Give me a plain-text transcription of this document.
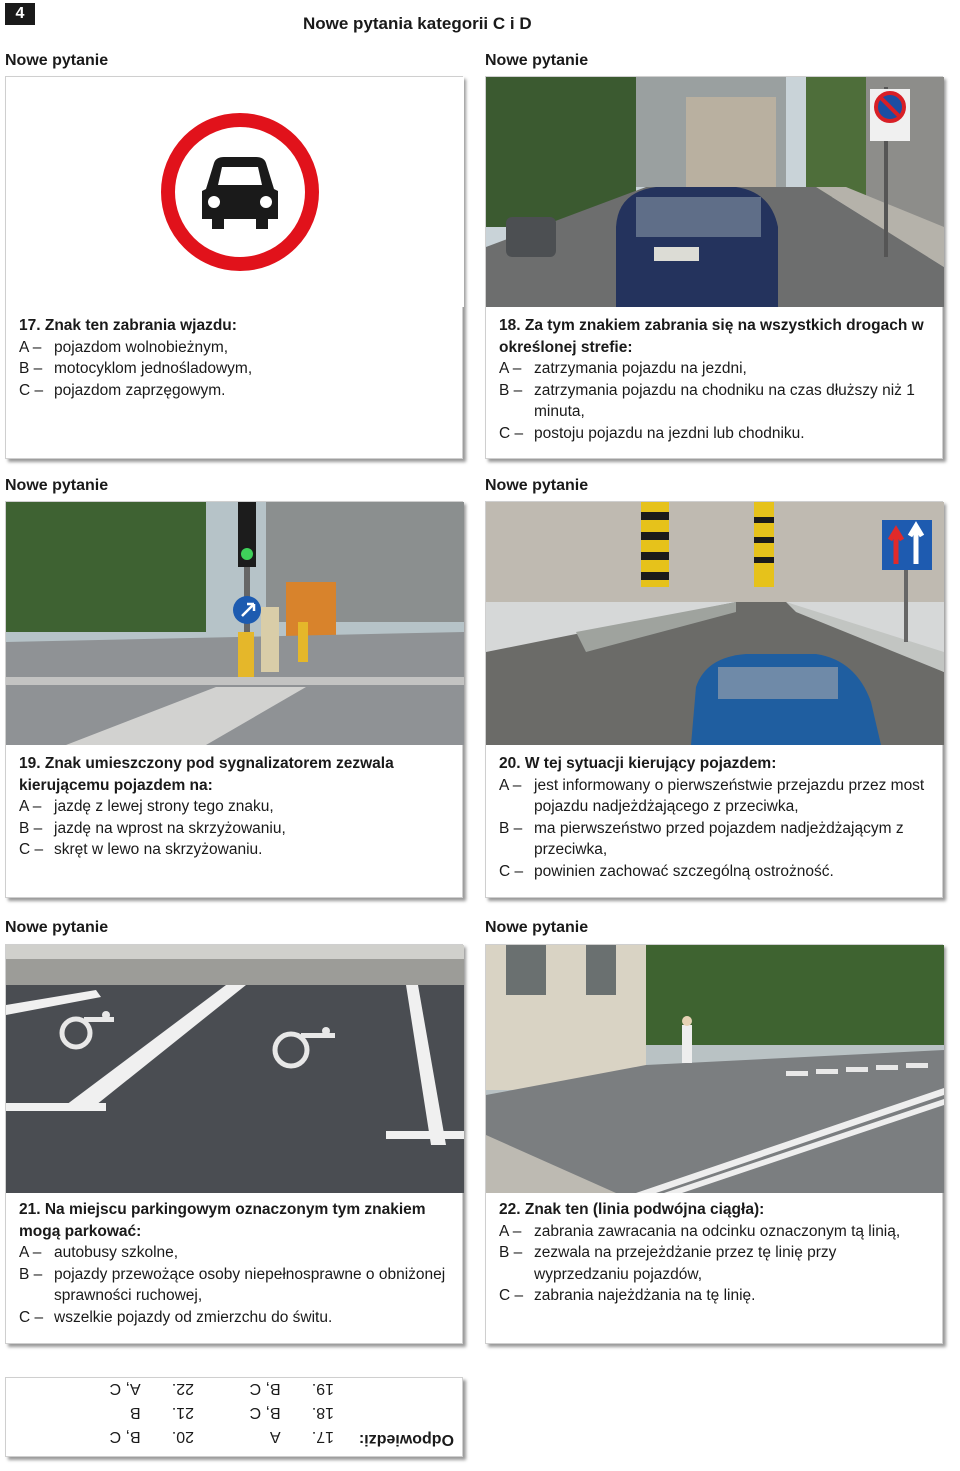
4
Nowe pytania kategorii C i D
Nowe pytanie	Nowe pytanie
Nowe pytanie	Nowe pytanie
Nowe pytanie	Nowe pytanie
17. Znak ten zabrania wjazdu:
A – pojazdom wolnobieżnym,
B – motocyklom jednośladowym,
C – pojazdom zaprzęgowym.
18. Za tym znakiem zabrania się na wszystkich drogach w określonej strefie:
A – zatrzymania pojazdu na jezdni,
B – zatrzymania pojazdu na chodniku na czas dłuższy niż 1 minuta,
C – postoju pojazdu na jezdni lub chodniku.
19. Znak umieszczony pod sygnalizatorem zezwala kierującemu pojazdem na:
A – jazdę z lewej strony tego znaku,
B – jazdę na wprost na skrzyżowaniu,
C – skręt w lewo na skrzyżowaniu.
20. W tej sytuacji kierujący pojazdem:
A – jest informowany o pierwszeństwie przejazdu przez most pojazdu nadjeżdżającego z przeciwka,
B – ma pierwszeństwo przed pojazdem nadjeżdżającym z przeciwka,
C – powinien zachować szczególną ostrożność.
21. Na miejscu parkingowym oznaczonym tym znakiem mogą parkować:
A – autobusy szkolne,
B – pojazdy przewożące osoby niepełnosprawne o obniżonej sprawności ruchowej,
C – wszelkie pojazdy od zmierzchu do świtu.
22. Znak ten (linia podwójna ciągła):
A – zabrania zawracania na odcinku oznaczonym tą linią,
B – zezwala na przejeżdżanie przez tę linię przy wyprzedzaniu pojazdów,
C – zabrania najeżdżania na tę linię.
Odpowiedzi:
17.       A
18.       B, C
19.       B, C
20.       B, C
21.       B
22.       A, C
